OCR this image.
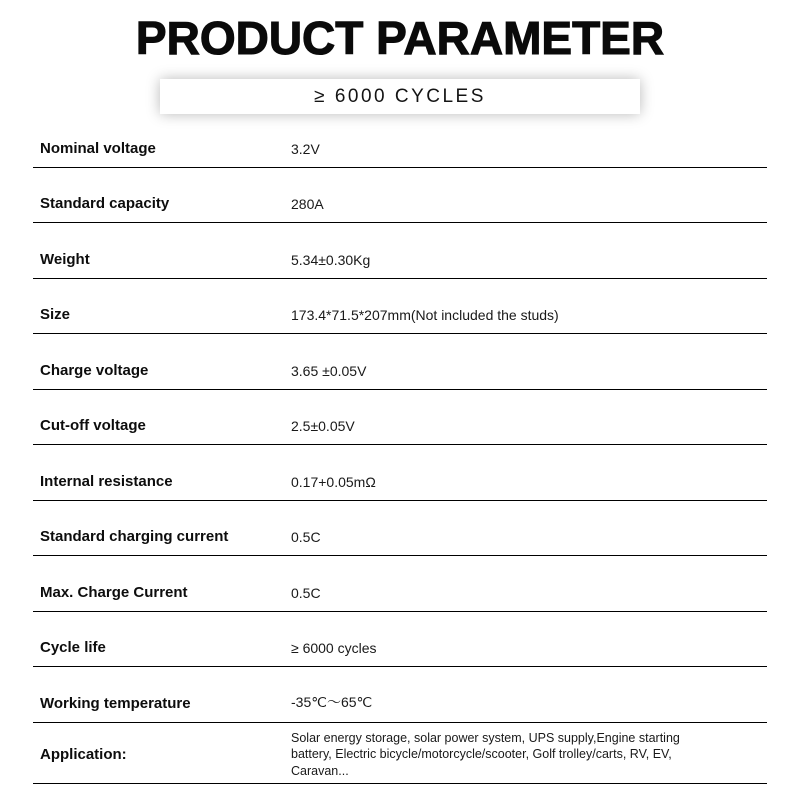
PRODUCT PARAMETER
≥ 6000 CYCLES
Nominal voltage	3.2V
Standard capacity	280A
Weight	5.34±0.30Kg
Size	173.4*71.5*207mm(Not included the studs)
Charge voltage	3.65 ±0.05V
Cut-off voltage	2.5±0.05V
Internal resistance	0.17+0.05mΩ
Standard charging current	0.5C
Max. Charge Current	0.5C
Cycle life	≥ 6000 cycles
Working temperature	-35℃～65℃
Application:
Solar energy storage, solar power system, UPS supply,Engine starting battery, Electric bicycle/motorcycle/scooter, Golf trolley/carts, RV, EV, Caravan...
